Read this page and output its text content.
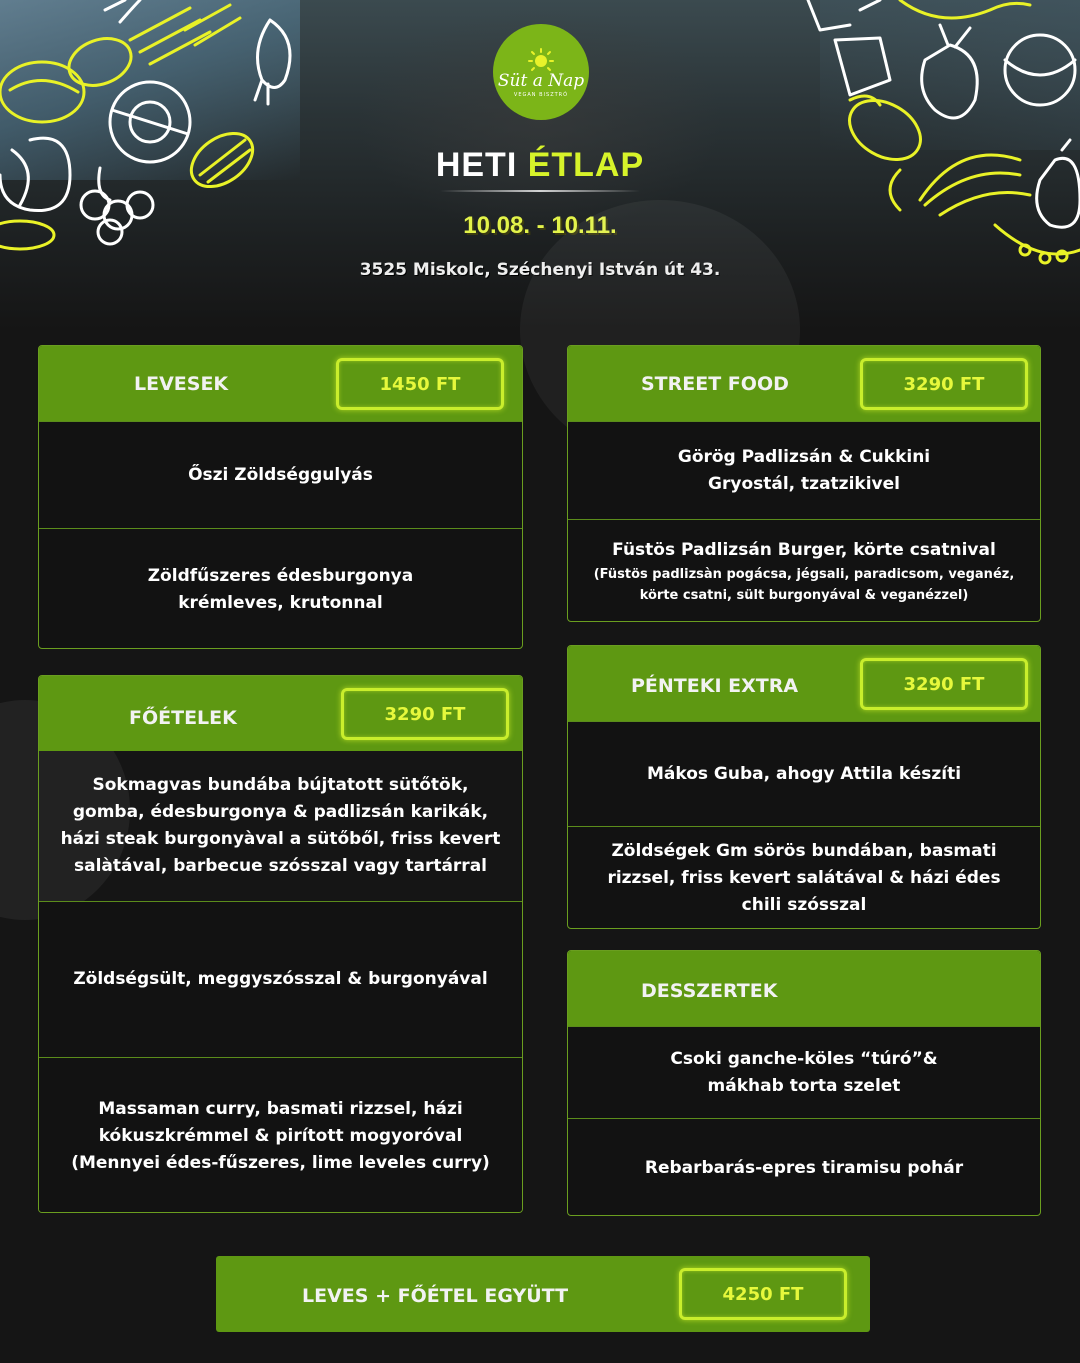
Süt a Nap
VEGAN BISZTRÓ
HETI ÉTLAP
10.08. - 10.11.
3525 Miskolc, Széchenyi István út 43.
LEVESEK	1450 FT
Őszi Zöldséggulyás
Zöldfűszeres édesburgonya krémleves, krutonnal
STREET FOOD	3290 FT
Görög Padlizsán & Cukkini Gryostál, tzatzikivel
Füstös Padlizsán Burger, körte csatnival
(Füstös padlizsàn pogácsa, jégsali, paradicsom, veganéz, körte csatni, sült burgonyával & veganézzel)
FŐÉTELEK	3290 FT
Sokmagvas bundába bújtatott sütőtök, gomba, édesburgonya & padlizsán karikák, házi steak burgonyàval a sütőből, friss kevert salàtával, barbecue szósszal vagy tartárral
Zöldségsült, meggyszósszal & burgonyával
Massaman curry, basmati rizzsel, házi kókuszkrémmel & pirított mogyoróval (Mennyei édes-fűszeres, lime leveles curry)
PÉNTEKI EXTRA	3290 FT
Mákos Guba, ahogy Attila készíti
Zöldségek Gm sörös bundában, basmati rizzsel, friss kevert salátával & házi édes chili szósszal
DESSZERTEK
Csoki ganche-köles “túró”& mákhab torta szelet
Rebarbarás-epres tiramisu pohár
LEVES + FŐÉTEL EGYÜTT	4250 FT
